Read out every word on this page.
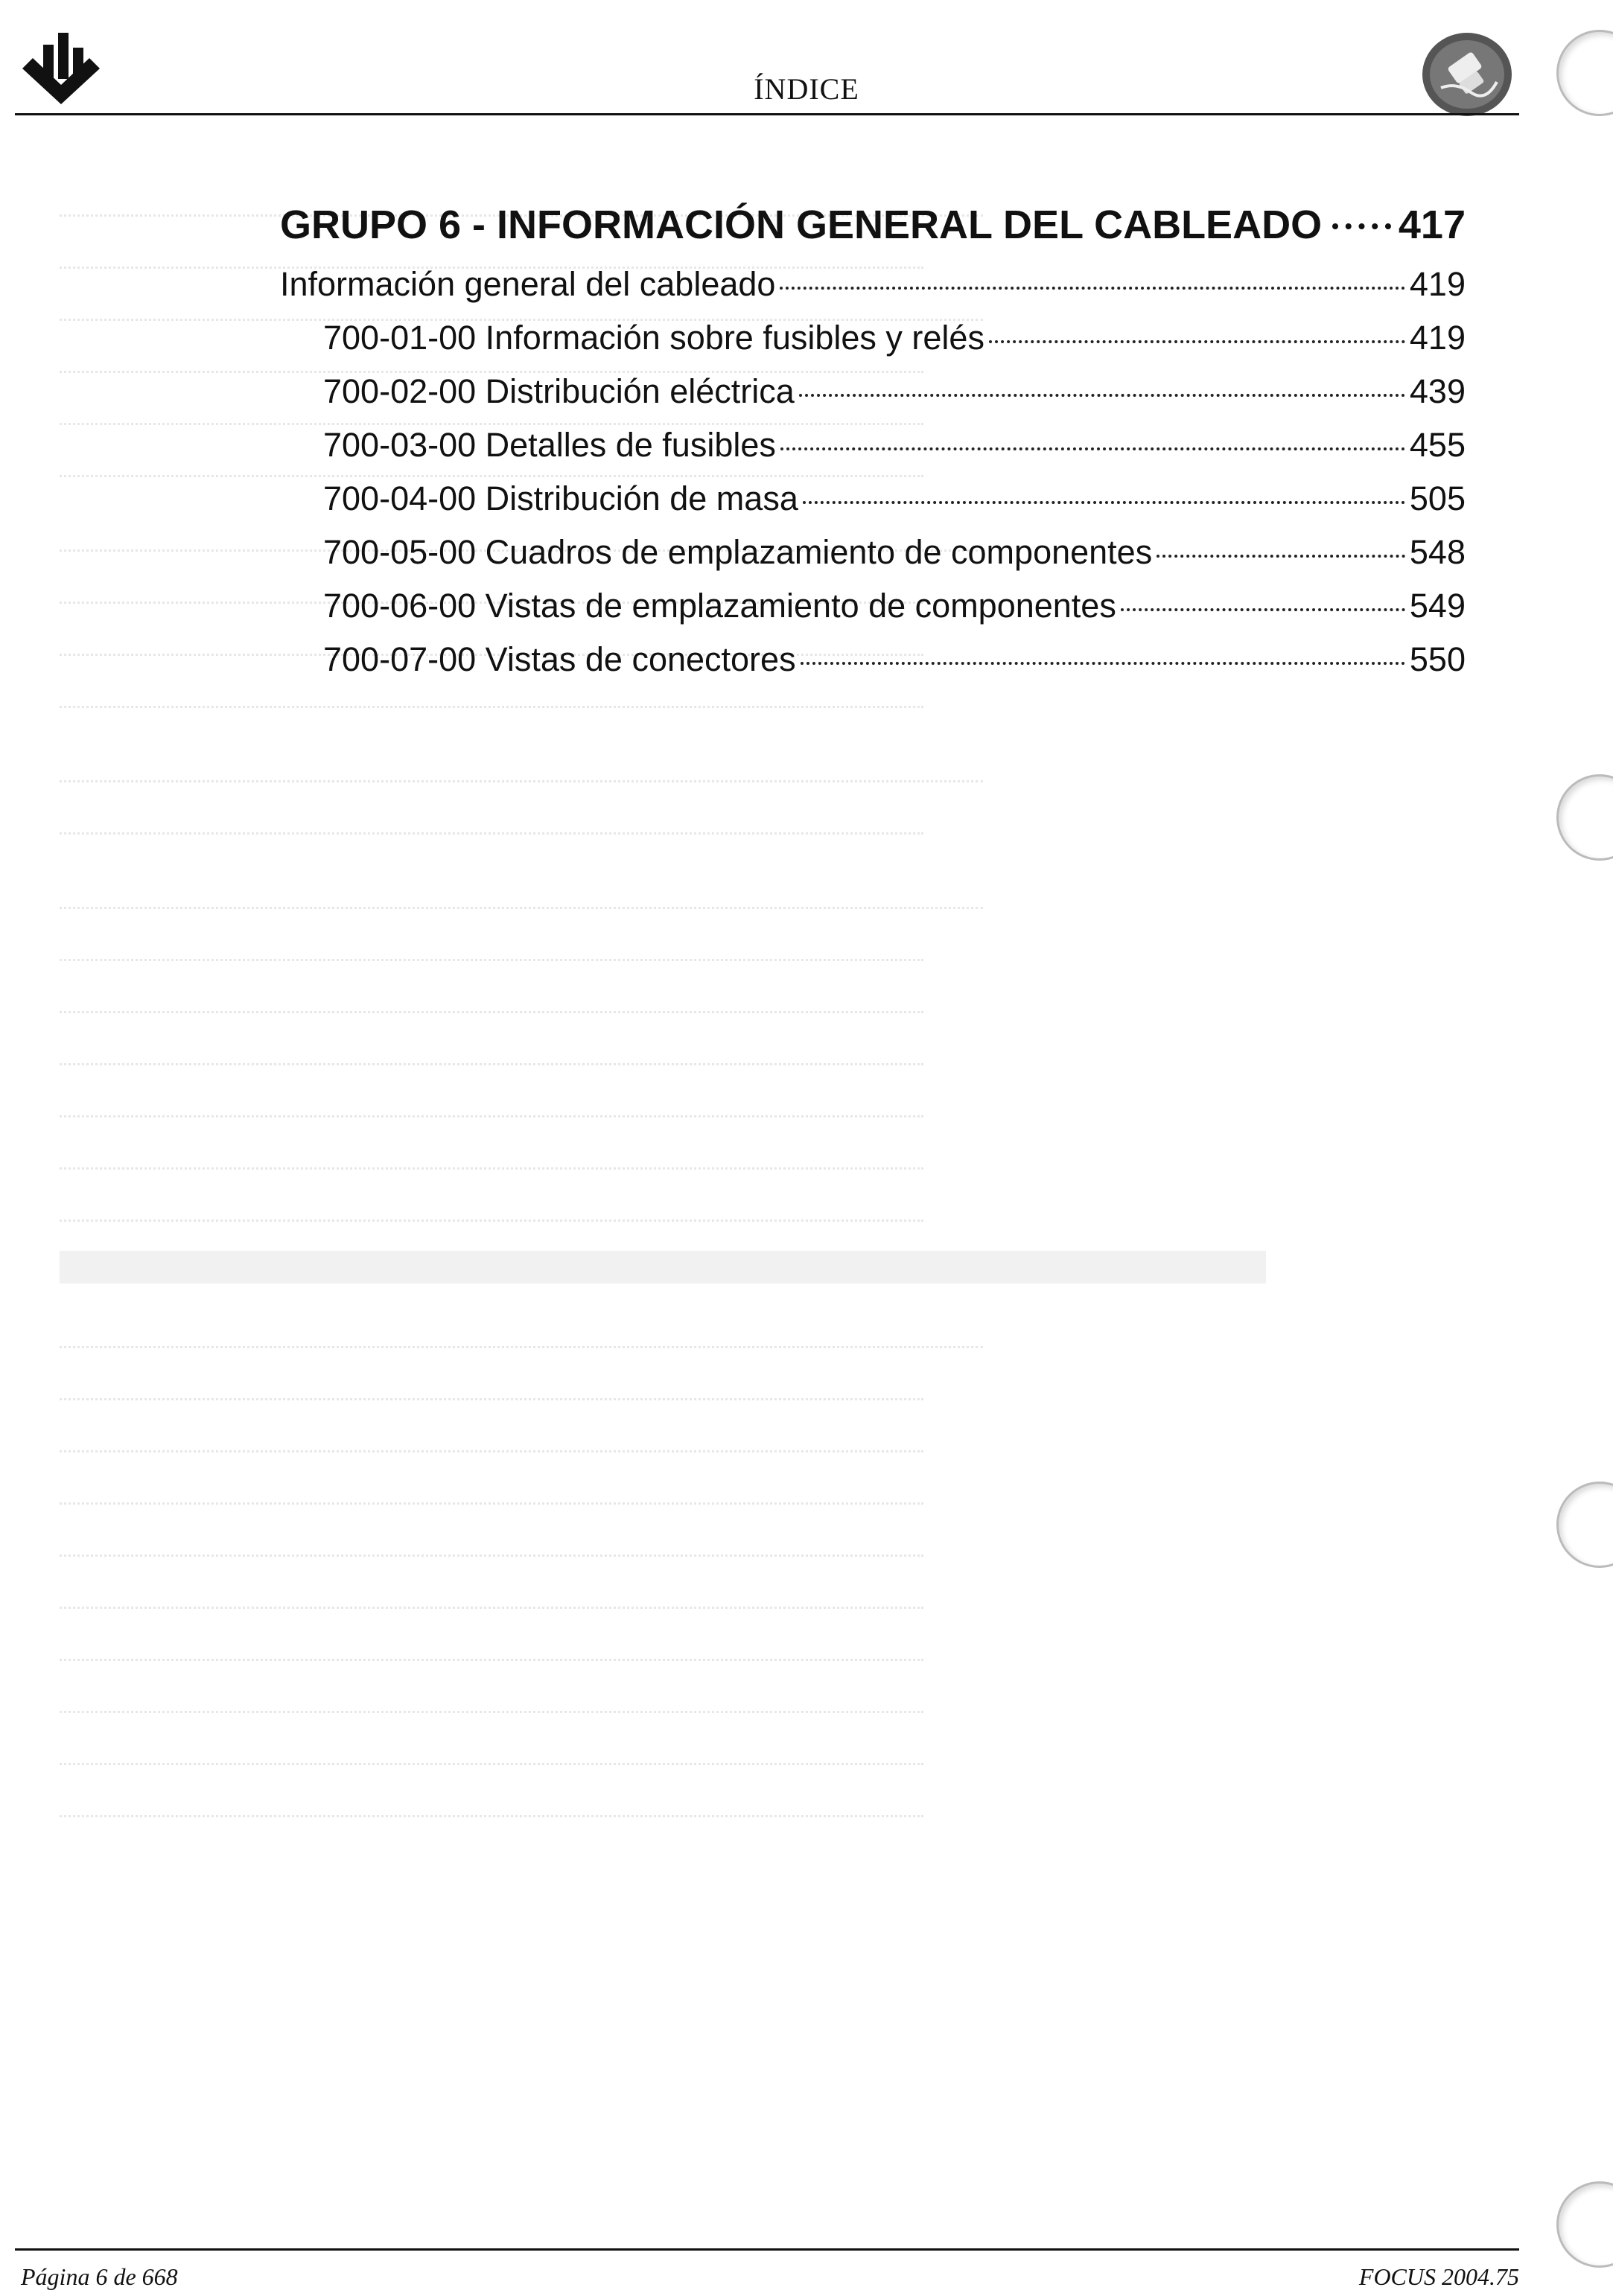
ÍNDICE
GRUPO 6 - INFORMACIÓN GENERAL DEL CABLEADO 417
Información general del cableado	419
700-01-00 Información sobre fusibles y relés	419
700-02-00 Distribución eléctrica	439
700-03-00 Detalles de fusibles	455
700-04-00 Distribución de masa	505
700-05-00 Cuadros de emplazamiento de componentes	548
700-06-00 Vistas de emplazamiento de componentes	549
700-07-00 Vistas de conectores	550
Página 6 de 668	FOCUS 2004.75
